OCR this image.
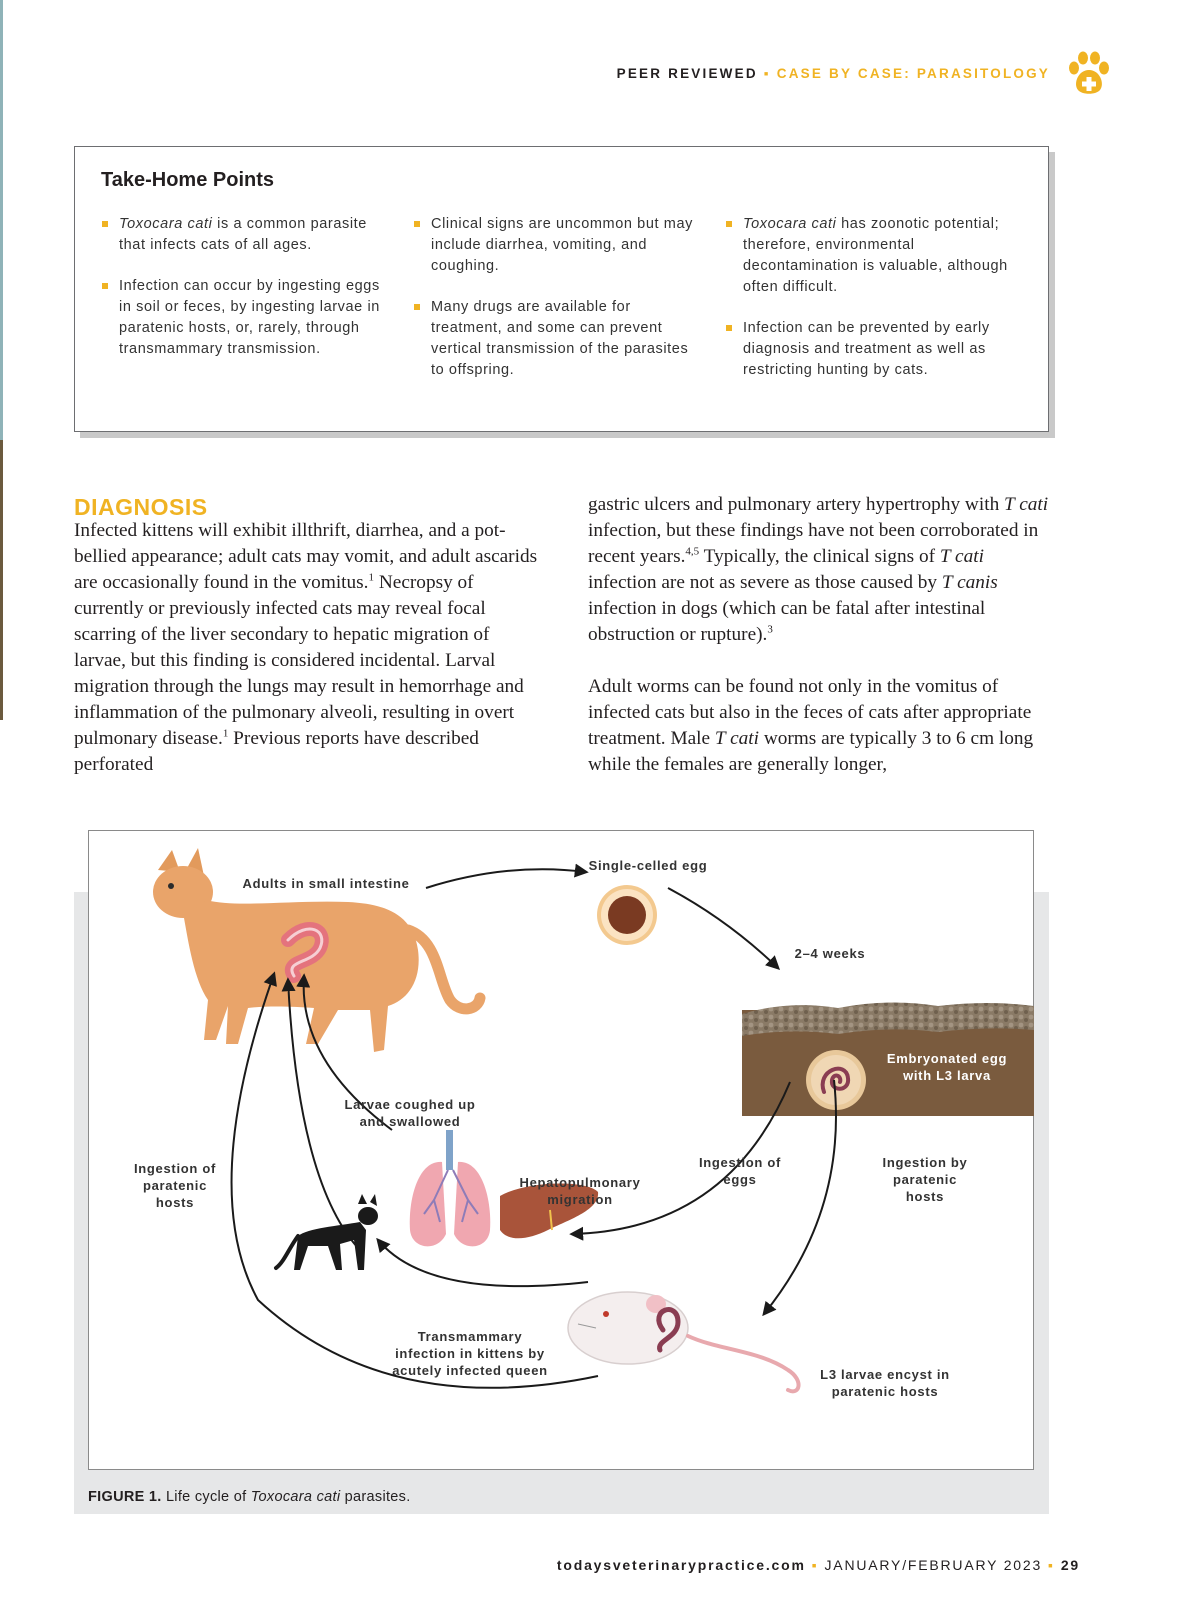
PEER REVIEWED ▪ CASE BY CASE: PARASITOLOGY
Take-Home Points
Toxocara cati is a common parasite that infects cats of all ages.
Infection can occur by ingesting eggs in soil or feces, by ingesting larvae in paratenic hosts, or, rarely, through transmammary transmission.
Clinical signs are uncommon but may include diarrhea, vomiting, and coughing.
Many drugs are available for treatment, and some can prevent vertical transmission of the parasites to offspring.
Toxocara cati has zoonotic potential; therefore, environmental decontamination is valuable, although often difficult.
Infection can be prevented by early diagnosis and treatment as well as restricting hunting by cats.
DIAGNOSIS

Infected kittens will exhibit illthrift, diarrhea, and a pot-bellied appearance; adult cats may vomit, and adult ascarids are occasionally found in the vomitus.$^1$ Necropsy of currently or previously infected cats may reveal focal scarring of the liver secondary to hepatic migration of larvae, but this finding is considered incidental. Larval migration through the lungs may result in hemorrhage and inflammation of the pulmonary alveoli, resulting in overt pulmonary disease.$^1$ Previous reports have described perforated

gastric ulcers and pulmonary artery hypertrophy with T cati infection, but these findings have not been corroborated in recent years.$^{4,5}$ Typically, the clinical signs of T cati infection are not as severe as those caused by T canis infection in dogs (which can be fatal after intestinal obstruction or rupture).$^3$

Adult worms can be found not only in the vomitus of infected cats but also in the feces of cats after appropriate treatment. Male T cati worms are typically 3 to 6 cm long while the females are generally longer,

Adults in small intestine
Single-celled egg
2–4 weeks
Embryonated egg
with L3 larva
Larvae coughed up
and swallowed
Ingestion of
paratenic
hosts
Hepatopulmonary
migration
Ingestion of
eggs
Ingestion by
paratenic
hosts
Transmammary
infection in kittens by
acutely infected queen	L3 larvae encyst in
paratenic hosts
FIGURE 1. Life cycle of Toxocara cati parasites.
todaysveterinarypractice.com ▪ JANUARY/FEBRUARY 2023 ▪ 29
